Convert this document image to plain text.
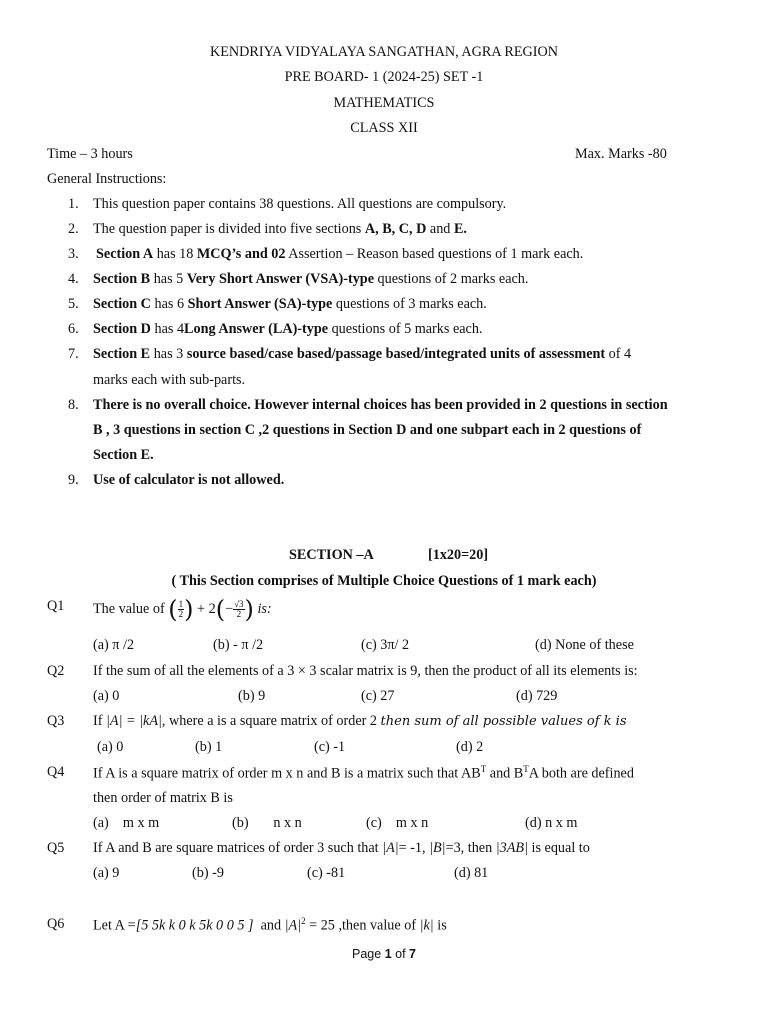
KENDRIYA VIDYALAYA SANGATHAN, AGRA REGION
PRE BOARD- 1 (2024-25) SET -1
MATHEMATICS
CLASS XII
Time – 3 hours	Max. Marks -80
General Instructions:
1. This question paper contains 38 questions. All questions are compulsory.
2. The question paper is divided into five sections A, B, C, D and E.
3. Section A has 18 MCQ’s and 02 Assertion – Reason based questions of 1 mark each.
4. Section B has 5 Very Short Answer (VSA)-type questions of 2 marks each.
5. Section C has 6 Short Answer (SA)-type questions of 3 marks each.
6. Section D has 4Long Answer (LA)-type questions of 5 marks each.
7. Section E has 3 source based/case based/passage based/integrated units of assessment of 4
marks each with sub-parts.
8. There is no overall choice. However internal choices has been provided in 2 questions in section
B , 3 questions in section C ,2 questions in Section D and one subpart each in 2 questions of
Section E.
9. Use of calculator is not allowed.
SECTION –A	[1x20=20]
( This Section comprises of Multiple Choice Questions of 1 mark each)
Q1 The value of ( $\frac{1}{2}$ ) + $2(- \frac{√3}{2}$ ) is:
(a) π /2	(b) - π /2	(c) 3π/ 2	(d) None of these
Q2 If the sum of all the elements of a 3 × 3 scalar matrix is 9, then the product of all its elements is:
(a) 0	(b) 9	(c) 27	(d) 729
Q3 If |A| = |kA|, where a is a square matrix of order 2 then sum of all possible values of k is
(a) 0	(b) 1	(c) -1	(d) 2
Q4 If A is a square matrix of order m x n and B is a matrix such that $AB^T$ and $B^TA$ both are defined
then order of matrix B is
(a)    m x m	(b)       n x n	(c)    m x n	(d) n x m
Q5 If A and B are square matrices of order 3 such that |A|= -1, |B|=3, then |3AB| is equal to
(a) 9	(b) -9	(c) -81	(d) 81
Q6 Let A =[5 5k k 0 k 5k 0 0 5 ]  and $|A|^2 = 25$ ,then value of |k| is
Page 1 of 7
